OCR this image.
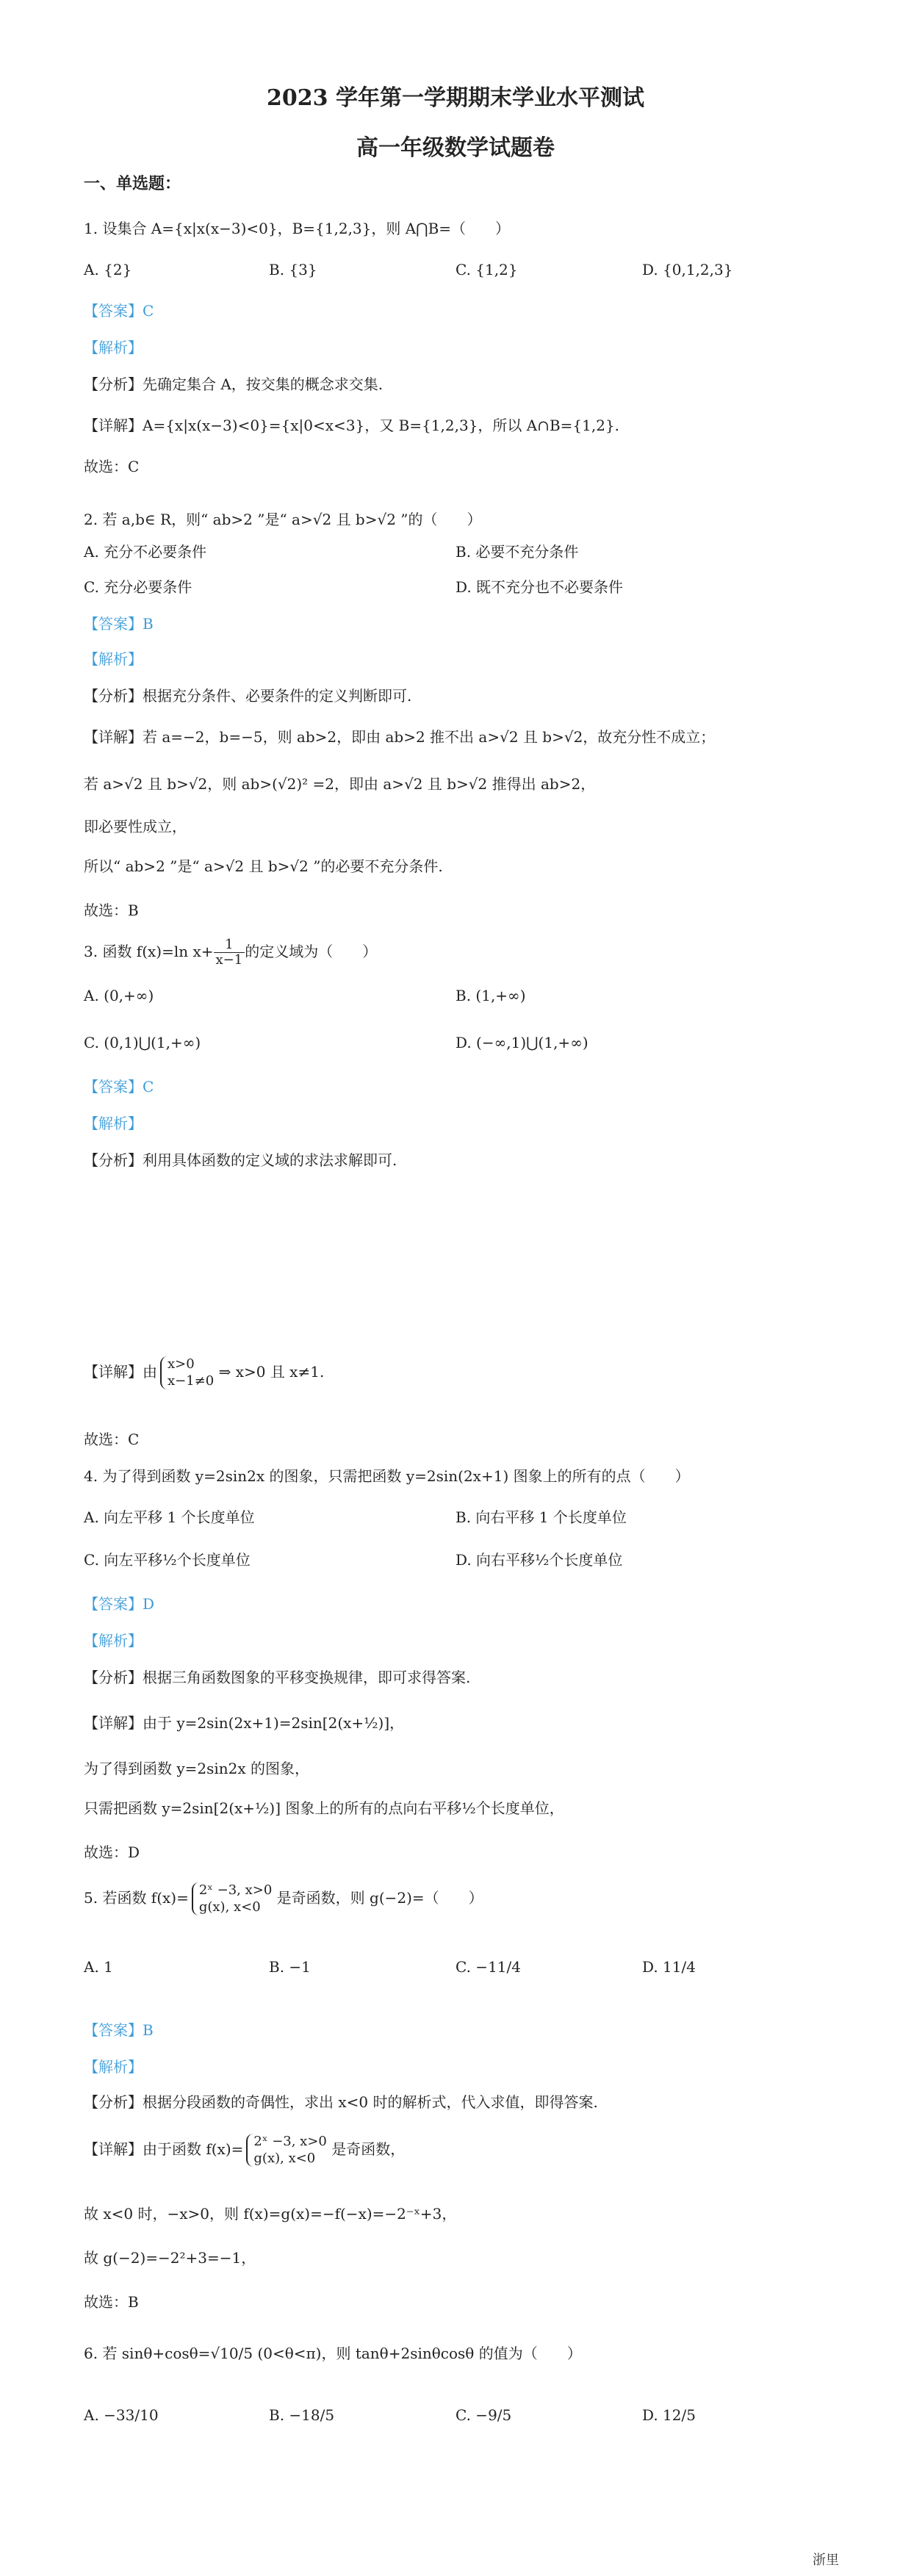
2023 学年第一学期期末学业水平测试
高一年级数学试题卷
一、单选题：
1. 设集合 A={x|x(x−3)<0}，B={1,2,3}，则 A⋂B=（　　）
A. {2}	B. {3}	C. {1,2}	D. {0,1,2,3}
【答案】C
【解析】
【分析】先确定集合 A，按交集的概念求交集.
【详解】A={x|x(x−3)<0}={x|0<x<3}，又 B={1,2,3}，所以 A∩B={1,2}.
故选：C
2. 若 a,b∈ R，则“ ab>2 ”是“ a>√2 且 b>√2 ”的（　　）
A. 充分不必要条件	B. 必要不充分条件
C. 充分必要条件	D. 既不充分也不必要条件
【答案】B
【解析】
【分析】根据充分条件、必要条件的定义判断即可.
【详解】若 a=−2，b=−5，则 ab>2，即由 ab>2 推不出 a>√2 且 b>√2，故充分性不成立；
若 a>√2 且 b>√2，则 ab>(√2)² =2，即由 a>√2 且 b>√2 推得出 ab>2，
即必要性成立，
所以“ ab>2 ”是“ a>√2 且 b>√2 ”的必要不充分条件.
故选：B
3. 函数 f(x)=ln $x+ \frac{1}{x-1}$ 的定义域为（　　）
A. (0,+∞)	B. (1,+∞)
C. (0,1)⋃(1,+∞)	D. (−∞,1)⋃(1,+∞)
【答案】C
【解析】
【分析】利用具体函数的定义域的求法求解即可.
【详解】由 x>0
x−1≠0 ⇒ x>0 且 x≠1.
故选：C
4. 为了得到函数 y=2sin2x 的图象，只需把函数 y=2sin(2x+1) 图象上的所有的点（　　）
A. 向左平移 1 个长度单位	B. 向右平移 1 个长度单位
C. 向左平移½个长度单位	D. 向右平移½个长度单位
【答案】D
【解析】
【分析】根据三角函数图象的平移变换规律，即可求得答案.
【详解】由于 y=2sin(2x+1)=2sin[2(x+½)]，
为了得到函数 y=2sin2x 的图象，
只需把函数 y=2sin[2(x+½)] 图象上的所有的点向右平移½个长度单位，
故选：D
5. 若函数 f(x)= 2ˣ −3, x>0
g(x), x<0	是奇函数，则 g(−2)=（　　）
A. 1	B. −1	C. −11/4	D. 11/4
【答案】B
【解析】
【分析】根据分段函数的奇偶性，求出 x<0 时的解析式，代入求值，即得答案.
【详解】由于函数 f(x)= 2ˣ −3, x>0
g(x), x<0	是奇函数，
故 x<0 时，−x>0，则 f(x)=g(x)=−f(−x)=−2⁻ˣ+3，
故 g(−2)=−2²+3=−1，
故选：B
6. 若 sinθ+cosθ=√10/5 (0<θ<π)，则 tanθ+2sinθcosθ 的值为（　　）
A. −33/10	B. −18/5	C. −9/5	D. 12/5
浙里
